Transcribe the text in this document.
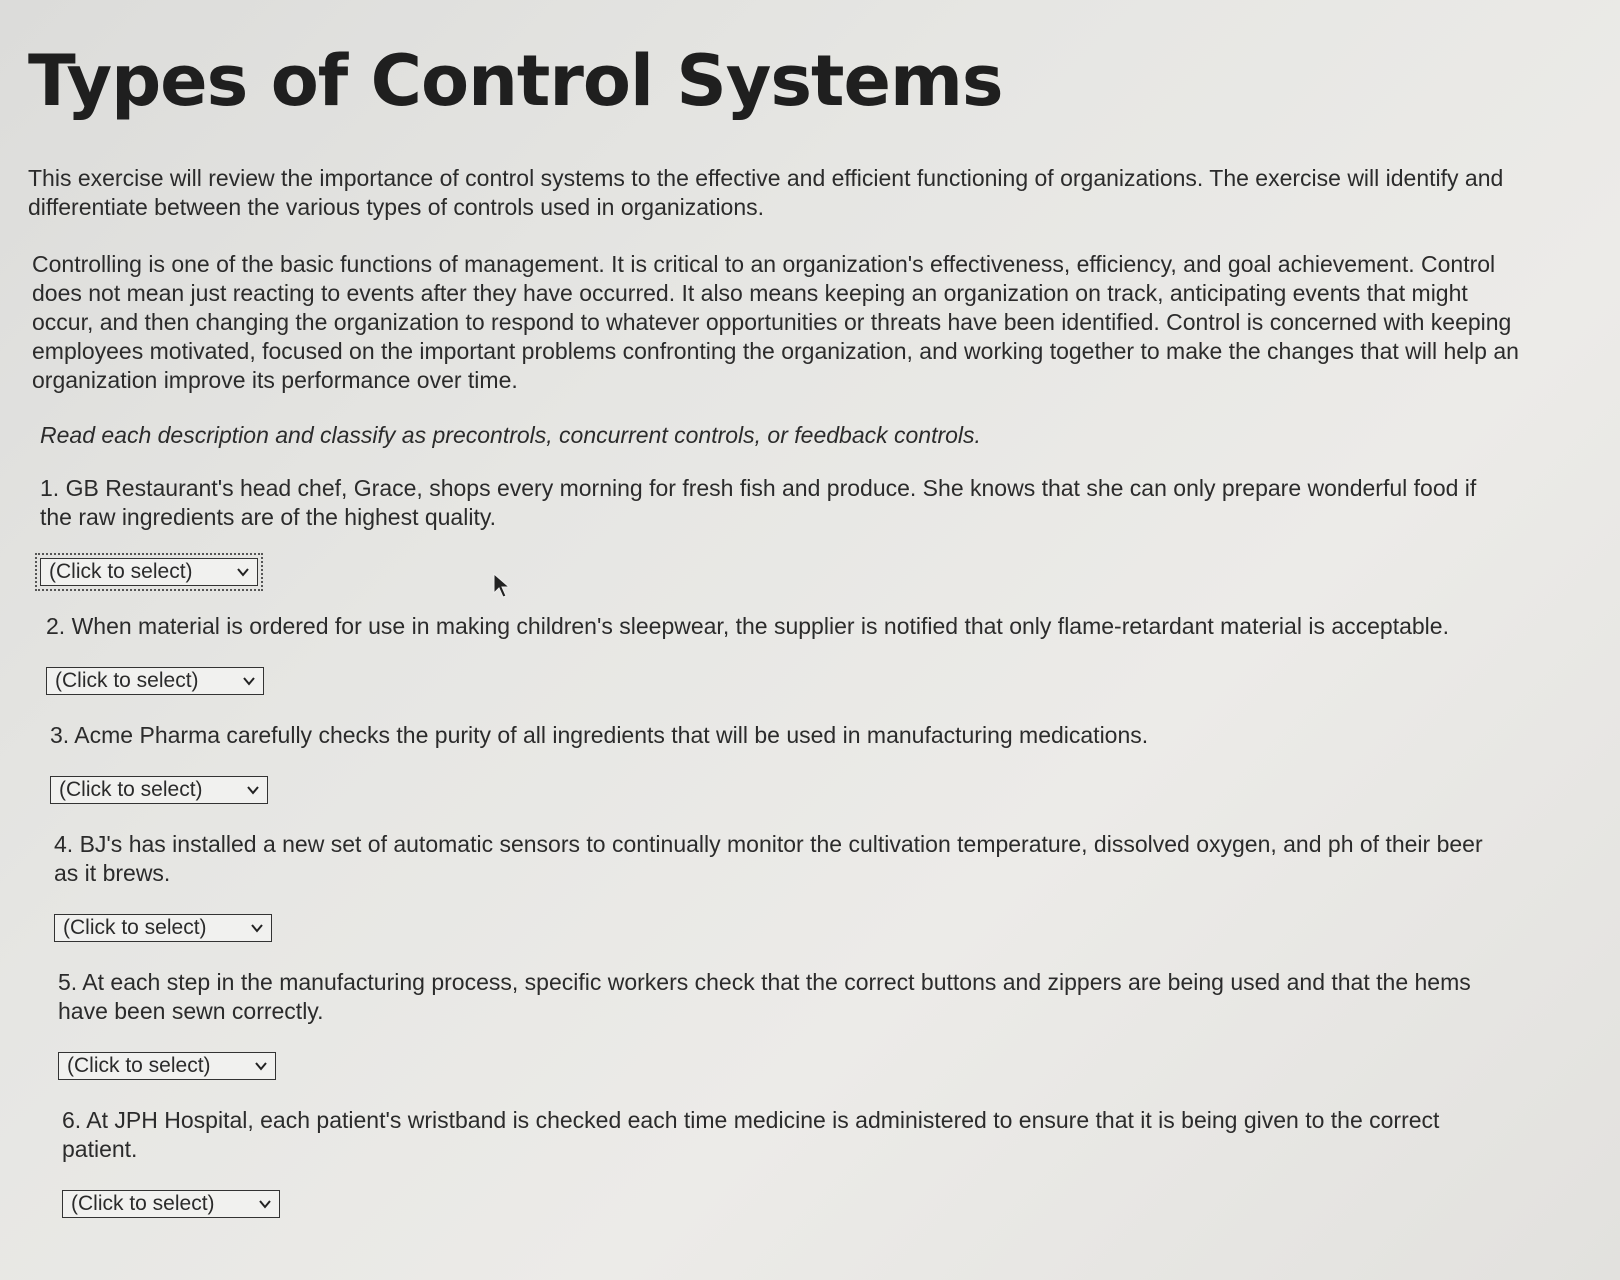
Types of Control Systems

This exercise will review the importance of control systems to the effective and efficient functioning of organizations. The exercise will identify and differentiate between the various types of controls used in organizations.

Controlling is one of the basic functions of management. It is critical to an organization's effectiveness, efficiency, and goal achievement. Control does not mean just reacting to events after they have occurred. It also means keeping an organization on track, anticipating events that might occur, and then changing the organization to respond to whatever opportunities or threats have been identified. Control is concerned with keeping employees motivated, focused on the important problems confronting the organization, and working together to make the changes that will help an organization improve its performance over time.

Read each description and classify as precontrols, concurrent controls, or feedback controls.

1. GB Restaurant's head chef, Grace, shops every morning for fresh fish and produce. She knows that she can only prepare wonderful food if the raw ingredients are of the highest quality.

(Click to select)

2. When material is ordered for use in making children's sleepwear, the supplier is notified that only flame-retardant material is acceptable.

(Click to select)

3. Acme Pharma carefully checks the purity of all ingredients that will be used in manufacturing medications.

(Click to select)

4. BJ's has installed a new set of automatic sensors to continually monitor the cultivation temperature, dissolved oxygen, and ph of their beer as it brews.

(Click to select)

5. At each step in the manufacturing process, specific workers check that the correct buttons and zippers are being used and that the hems have been sewn correctly.

(Click to select)

6. At JPH Hospital, each patient's wristband is checked each time medicine is administered to ensure that it is being given to the correct patient.

(Click to select)
